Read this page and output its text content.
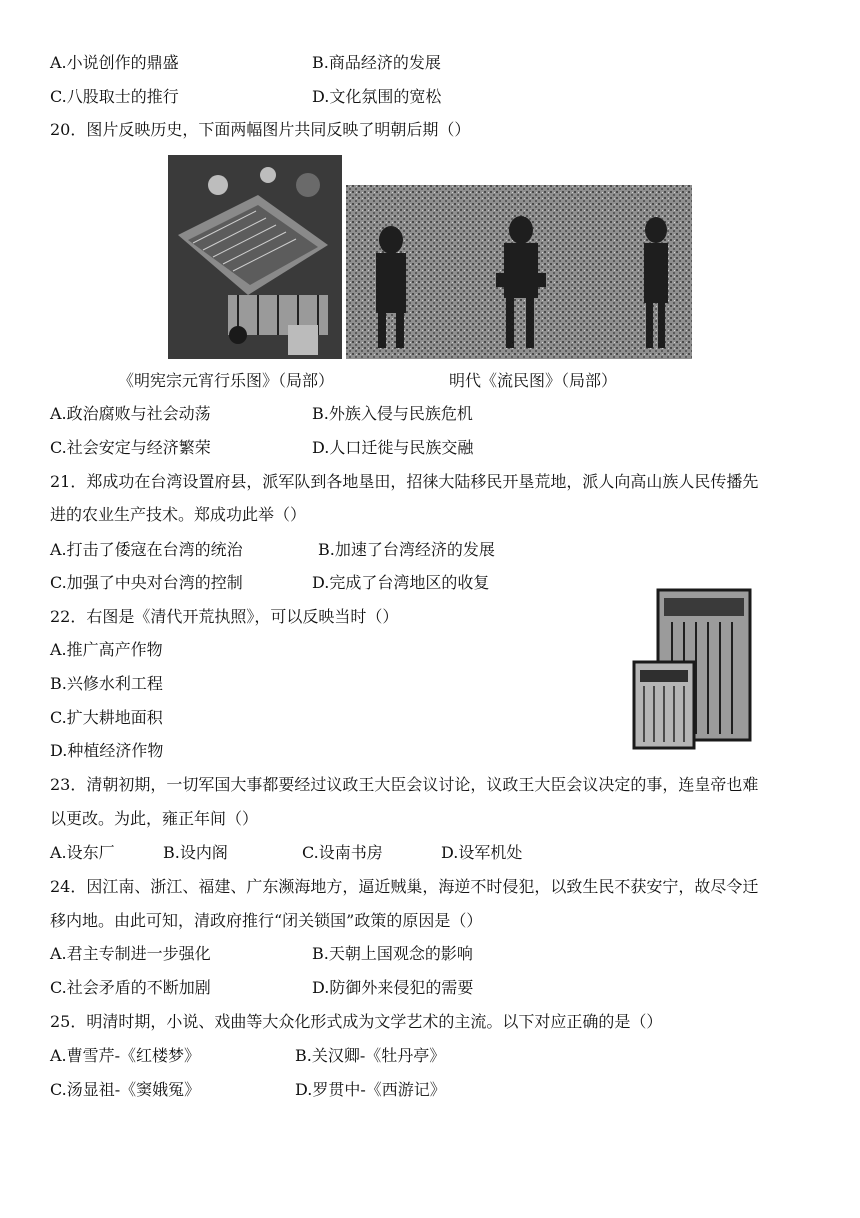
A.小说创作的鼎盛	B.商品经济的发展
C.八股取士的推行	D.文化氛围的宽松
20．图片反映历史，下面两幅图片共同反映了明朝后期（）
《明宪宗元宵行乐图》（局部）	明代《流民图》（局部）
A.政治腐败与社会动荡	B.外族入侵与民族危机
C.社会安定与经济繁荣	D.人口迁徙与民族交融
21．郑成功在台湾设置府县，派军队到各地垦田，招徕大陆移民开垦荒地，派人向高山族人民传播先
进的农业生产技术。郑成功此举（）
A.打击了倭寇在台湾的统治	B.加速了台湾经济的发展
C.加强了中央对台湾的控制	D.完成了台湾地区的收复
22．右图是《清代开荒执照》，可以反映当时（）
A.推广高产作物
B.兴修水利工程
C.扩大耕地面积
D.种植经济作物
23．清朝初期，一切军国大事都要经过议政王大臣会议讨论，议政王大臣会议决定的事，连皇帝也难
以更改。为此，雍正年间（）
A.设东厂	B.设内阁	C.设南书房	D.设军机处
24．因江南、浙江、福建、广东濒海地方，逼近贼巢，海逆不时侵犯，以致生民不获安宁，故尽令迁
移内地。由此可知，清政府推行“闭关锁国”政策的原因是（）
A.君主专制进一步强化	B.天朝上国观念的影响
C.社会矛盾的不断加剧	D.防御外来侵犯的需要
25．明清时期，小说、戏曲等大众化形式成为文学艺术的主流。以下对应正确的是（）
A.曹雪芹-《红楼梦》	B.关汉卿-《牡丹亭》
C.汤显祖-《窦娥冤》	D.罗贯中-《西游记》
